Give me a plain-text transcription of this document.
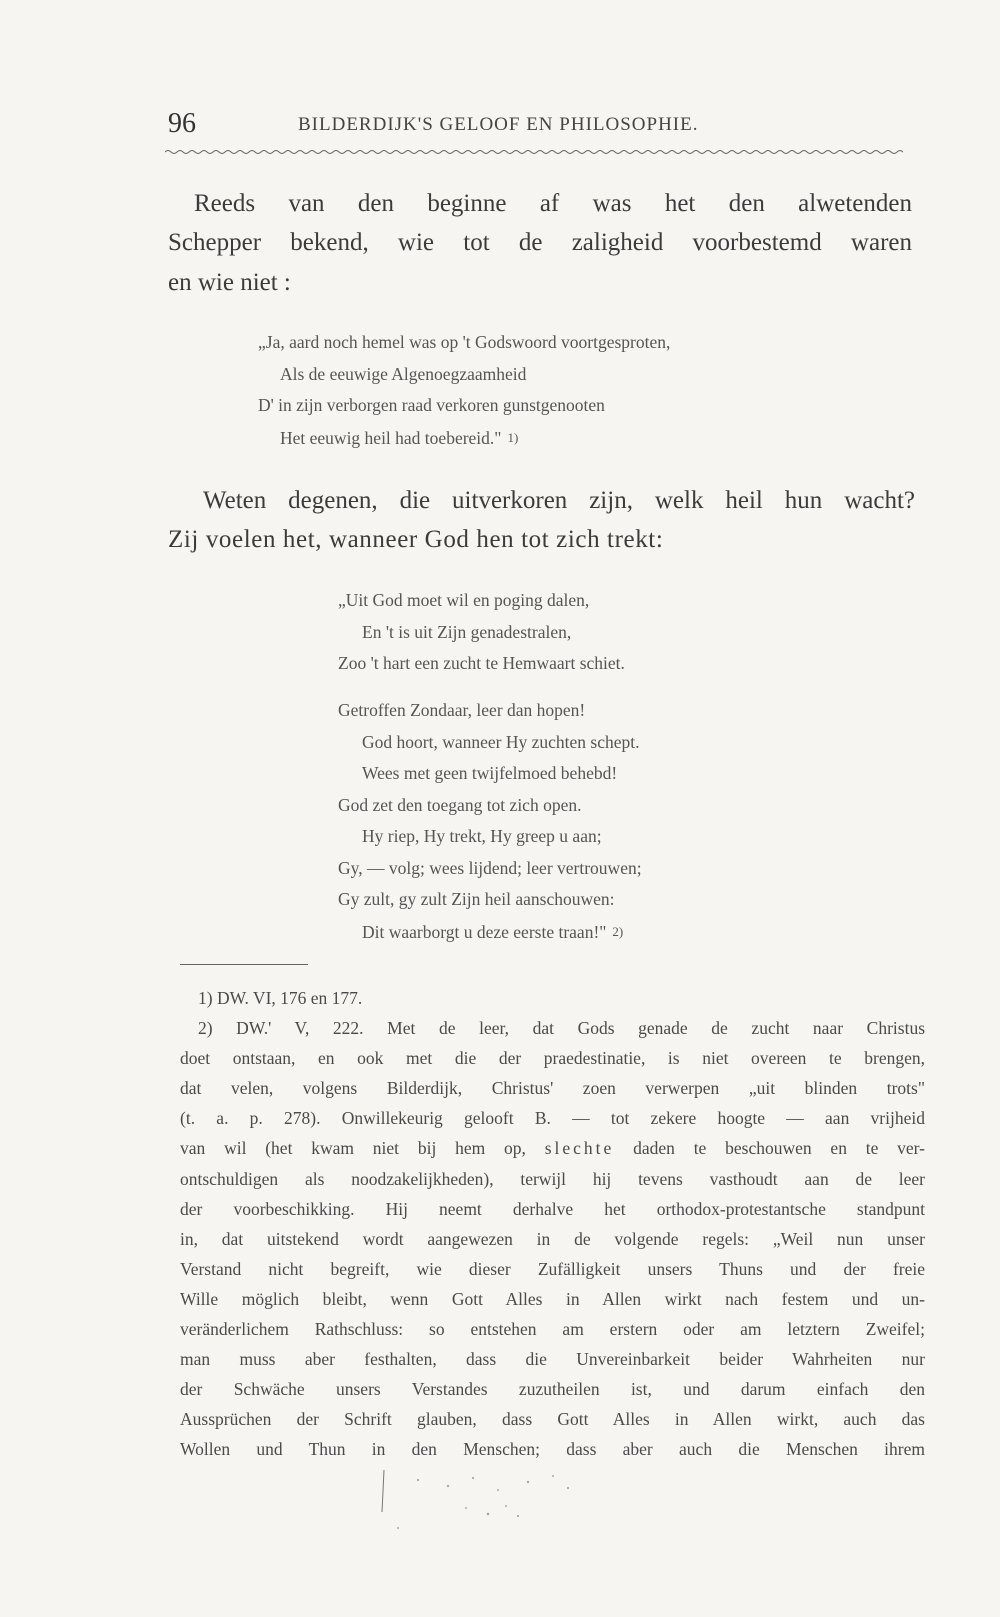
96	BILDERDIJK'S GELOOF EN PHILOSOPHIE.

Reeds van den beginne af was het den alwetenden

Schepper bekend, wie tot de zaligheid voorbestemd waren

en wie niet :

„Ja, aard noch hemel was op 't Godswoord voortgesproten,
Als de eeuwige Algenoegzaamheid
D' in zijn verborgen raad verkoren gunstgenooten
Het eeuwig heil had toebereid." 1)

Weten degenen, die uitverkoren zijn, welk heil hun wacht?

Zij voelen het, wanneer God hen tot zich trekt:

„Uit God moet wil en poging dalen,
En 't is uit Zijn genadestralen,
Zoo 't hart een zucht te Hemwaart schiet.
Getroffen Zondaar, leer dan hopen!
God hoort, wanneer Hy zuchten schept.
Wees met geen twijfelmoed behebd!
God zet den toegang tot zich open.
Hy riep, Hy trekt, Hy greep u aan;
Gy, — volg; wees lijdend; leer vertrouwen;
Gy zult, gy zult Zijn heil aanschouwen:
Dit waarborgt u deze eerste traan!" 2)
1) DW. VI, 176 en 177.
2) DW.' V, 222. Met de leer, dat Gods genade de zucht naar Christus
doet ontstaan, en ook met die der praedestinatie, is niet overeen te brengen,
dat velen, volgens Bilderdijk, Christus' zoen verwerpen „uit blinden trots"
(t. a. p. 278). Onwillekeurig gelooft B. — tot zekere hoogte — aan vrijheid
van wil (het kwam niet bij hem op, slechte daden te beschouwen en te ver-
ontschuldigen als noodzakelijkheden), terwijl hij tevens vasthoudt aan de leer
der voorbeschikking. Hij neemt derhalve het orthodox-protestantsche standpunt
in, dat uitstekend wordt aangewezen in de volgende regels: „Weil nun unser
Verstand nicht begreift, wie dieser Zufälligkeit unsers Thuns und der freie
Wille möglich bleibt, wenn Gott Alles in Allen wirkt nach festem und un-
veränderlichem Rathschluss: so entstehen am erstern oder am letztern Zweifel;
man muss aber festhalten, dass die Unvereinbarkeit beider Wahrheiten nur
der Schwäche unsers Verstandes zuzutheilen ist, und darum einfach den
Aussprüchen der Schrift glauben, dass Gott Alles in Allen wirkt, auch das
Wollen und Thun in den Menschen; dass aber auch die Menschen ihrem
